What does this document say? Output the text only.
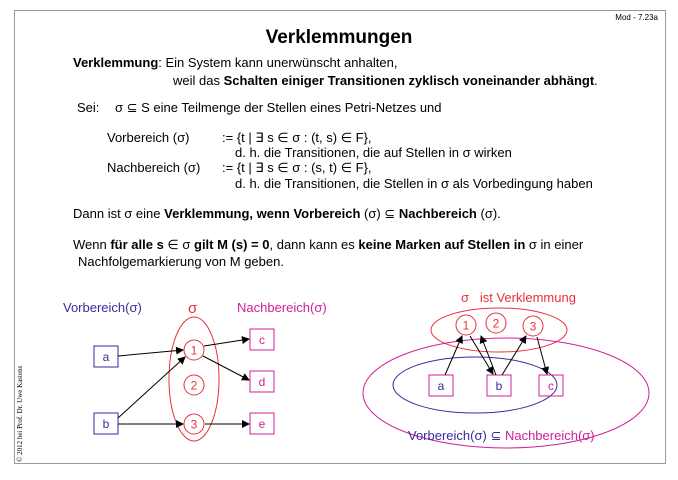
Mod - 7.23a
Verklemmungen
Verklemmung: Ein System kann unerwünscht anhalten,
weil das Schalten einiger Transitionen zyklisch voneinander abhängt.
Sei: σ ⊆ S eine Teilmenge der Stellen eines Petri-Netzes und
Vorbereich (σ)	:= {t | ∃ s ∈ σ : (t, s) ∈ F},
d. h. die Transitionen, die auf Stellen in σ wirken
Nachbereich (σ) := {t | ∃ s ∈ σ : (s, t) ∈ F},
d. h. die Transitionen, die Stellen in σ als Vorbedingung haben
Dann ist σ eine Verklemmung, wenn Vorbereich (σ) ⊆ Nachbereich (σ).
Wenn für alle s ∈ σ gilt M (s) = 0, dann kann es keine Marken auf Stellen in σ in einer
Nachfolgemarkierung von M geben.
© 2012 bei Prof. Dr. Uwe Kastens
Vorbereich(σ)	σ	Nachbereich(σ)
a
b
1
2
3
c
d
e
σ   ist Verklemmung
1 2	3
a	b	c
Vorbereich(σ) ⊆ Nachbereich(σ)
